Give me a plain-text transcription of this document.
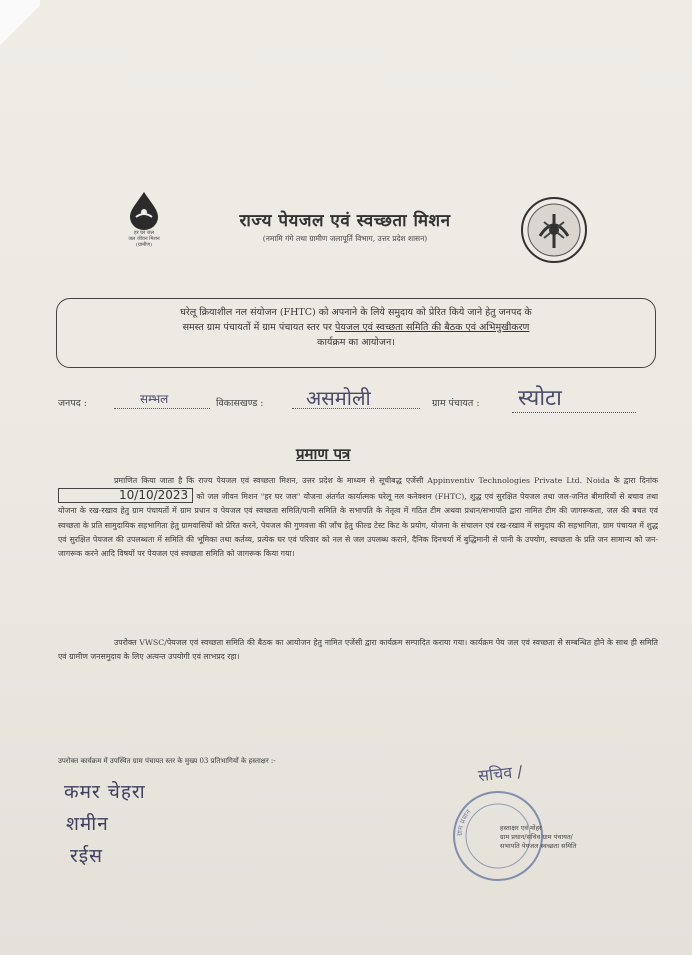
हर घर जल
जल जीवन मिशन
(ग्रामीण)
राज्य पेयजल एवं स्वच्छता मिशन
(नमामि गंगे तथा ग्रामीण जलापूर्ति विभाग, उत्तर प्रदेश शासन)
घरेलू क्रियाशील नल संयोजन (FHTC) को अपनाने के लिये समुदाय को प्रेरित किये जाने हेतु जनपद के
समस्त ग्राम पंचायतों में ग्राम पंचायत स्तर पर पेयजल एवं स्वच्छता समिति की बैठक एवं अभिमुखीकरण
कार्यक्रम का आयोजन।
जनपद :	सम्भल	विकासखण्ड : असमोली	ग्राम पंचायत : स्योटा
प्रमाण पत्र
प्रमाणित किया जाता है कि राज्य पेयजल एवं स्वच्छता मिशन, उत्तर प्रदेश के माध्यम से सूचीबद्ध एजेंसी Appinventiv Technologies Private Ltd. Noida के द्वारा दिनांक 10/10/2023 को जल जीवन मिशन "हर घर जल" योजना अंतर्गत कार्यात्मक घरेलू नल कनेक्शन (FHTC), शुद्ध एवं सुरक्षित पेयजल तथा जल-जनित बीमारियों से बचाव तथा योजना के रख-रखाव हेतु ग्राम पंचायतों में ग्राम प्रधान व पेयजल एवं स्वच्छता समिति/पानी समिति के सभापति के नेतृत्व में गठित टीम अथवा प्रधान/सभापति द्वारा नामित टीम की जागरूकता, जल की बचत एवं स्वच्छता के प्रति सामुदायिक सहभागिता हेतु ग्रामवासियों को प्रेरित करने, पेयजल की गुणवत्ता की जाँच हेतु फील्ड टेस्ट किट के प्रयोग, योजना के संचालन एवं रख-रखाव में समुदाय की सहभागिता, ग्राम पंचायत में शुद्ध एवं सुरक्षित पेयजल की उपलब्धता में समिति की भूमिका तथा कर्तव्य, प्रत्येक घर एवं परिवार को नल से जल उपलब्ध कराने, दैनिक दिनचर्या में बुद्धिमानी से पानी के उपयोग, स्वच्छता के प्रति जन सामान्य को जन-जागरूक करने आदि विषयों पर पेयजल एवं स्वच्छता समिति को जागरूक किया गया।
उपरोक्त VWSC/पेयजल एवं स्वच्छता समिति की बैठक का आयोजन हेतु नामित एजेंसी द्वारा कार्यक्रम सम्पादित कराया गया। कार्यक्रम पेय जल एवं स्वच्छता से सम्बन्धित होने के साथ ही समिति एवं ग्रामीण जनसमुदाय के लिए अत्यन्त उपयोगी एवं लाभप्रद रहा।
उपरोक्त कार्यक्रम में उपस्थित ग्राम पंचायत स्तर के मुख्य 03 प्रतिभागियों के हस्ताक्षर :-
कमर चेहरा
शमीन
रईस
सचिव /
ग्राम प्रधान
हस्ताक्षर एवं मोहर
ग्राम प्रधान/सचिव ग्राम पंचायत/
सभापति पेयजल स्वच्छता समिति
